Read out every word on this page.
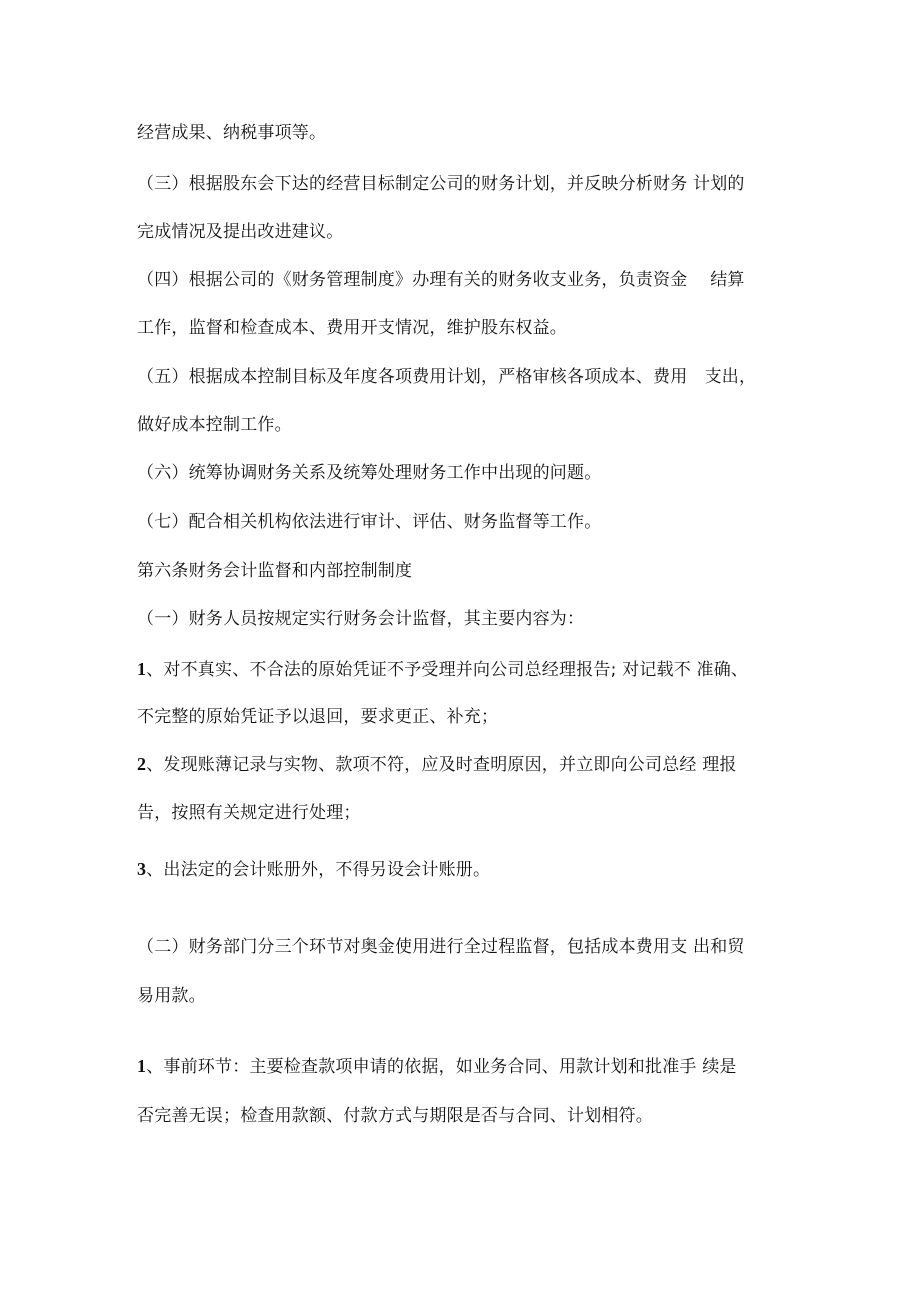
经营成果、纳税事项等。
（三）根据股东会下达的经营目标制定公司的财务计划，并反映分析财务 计划的
完成情况及提出改进建议。
（四）根据公司的《财务管理制度》办理有关的财务收支业务，负责资金　 结算
工作，监督和检查成本、费用开支情况，维护股东权益。
（五）根据成本控制目标及年度各项费用计划，严格审核各项成本、费用　支出，
做好成本控制工作。
（六）统筹协调财务关系及统筹处理财务工作中出现的问题。
（七）配合相关机构依法进行审计、评估、财务监督等工作。
第六条财务会计监督和内部控制制度
（一）财务人员按规定实行财务会计监督，其主要内容为：
1、对不真实、不合法的原始凭证不予受理并向公司总经理报告; 对记载不 准确、
不完整的原始凭证予以退回，要求更正、补充；
2、发现账薄记录与实物、款项不符，应及时查明原因，并立即向公司总经 理报
告，按照有关规定进行处理；
3、出法定的会计账册外，不得另设会计账册。
（二）财务部门分三个环节对奥金使用进行全过程监督，包括成本费用支 出和贸
易用款。
1、事前环节：主要检查款项申请的依据，如业务合同、用款计划和批准手 续是
否完善无误；检查用款额、付款方式与期限是否与合同、计划相符。
